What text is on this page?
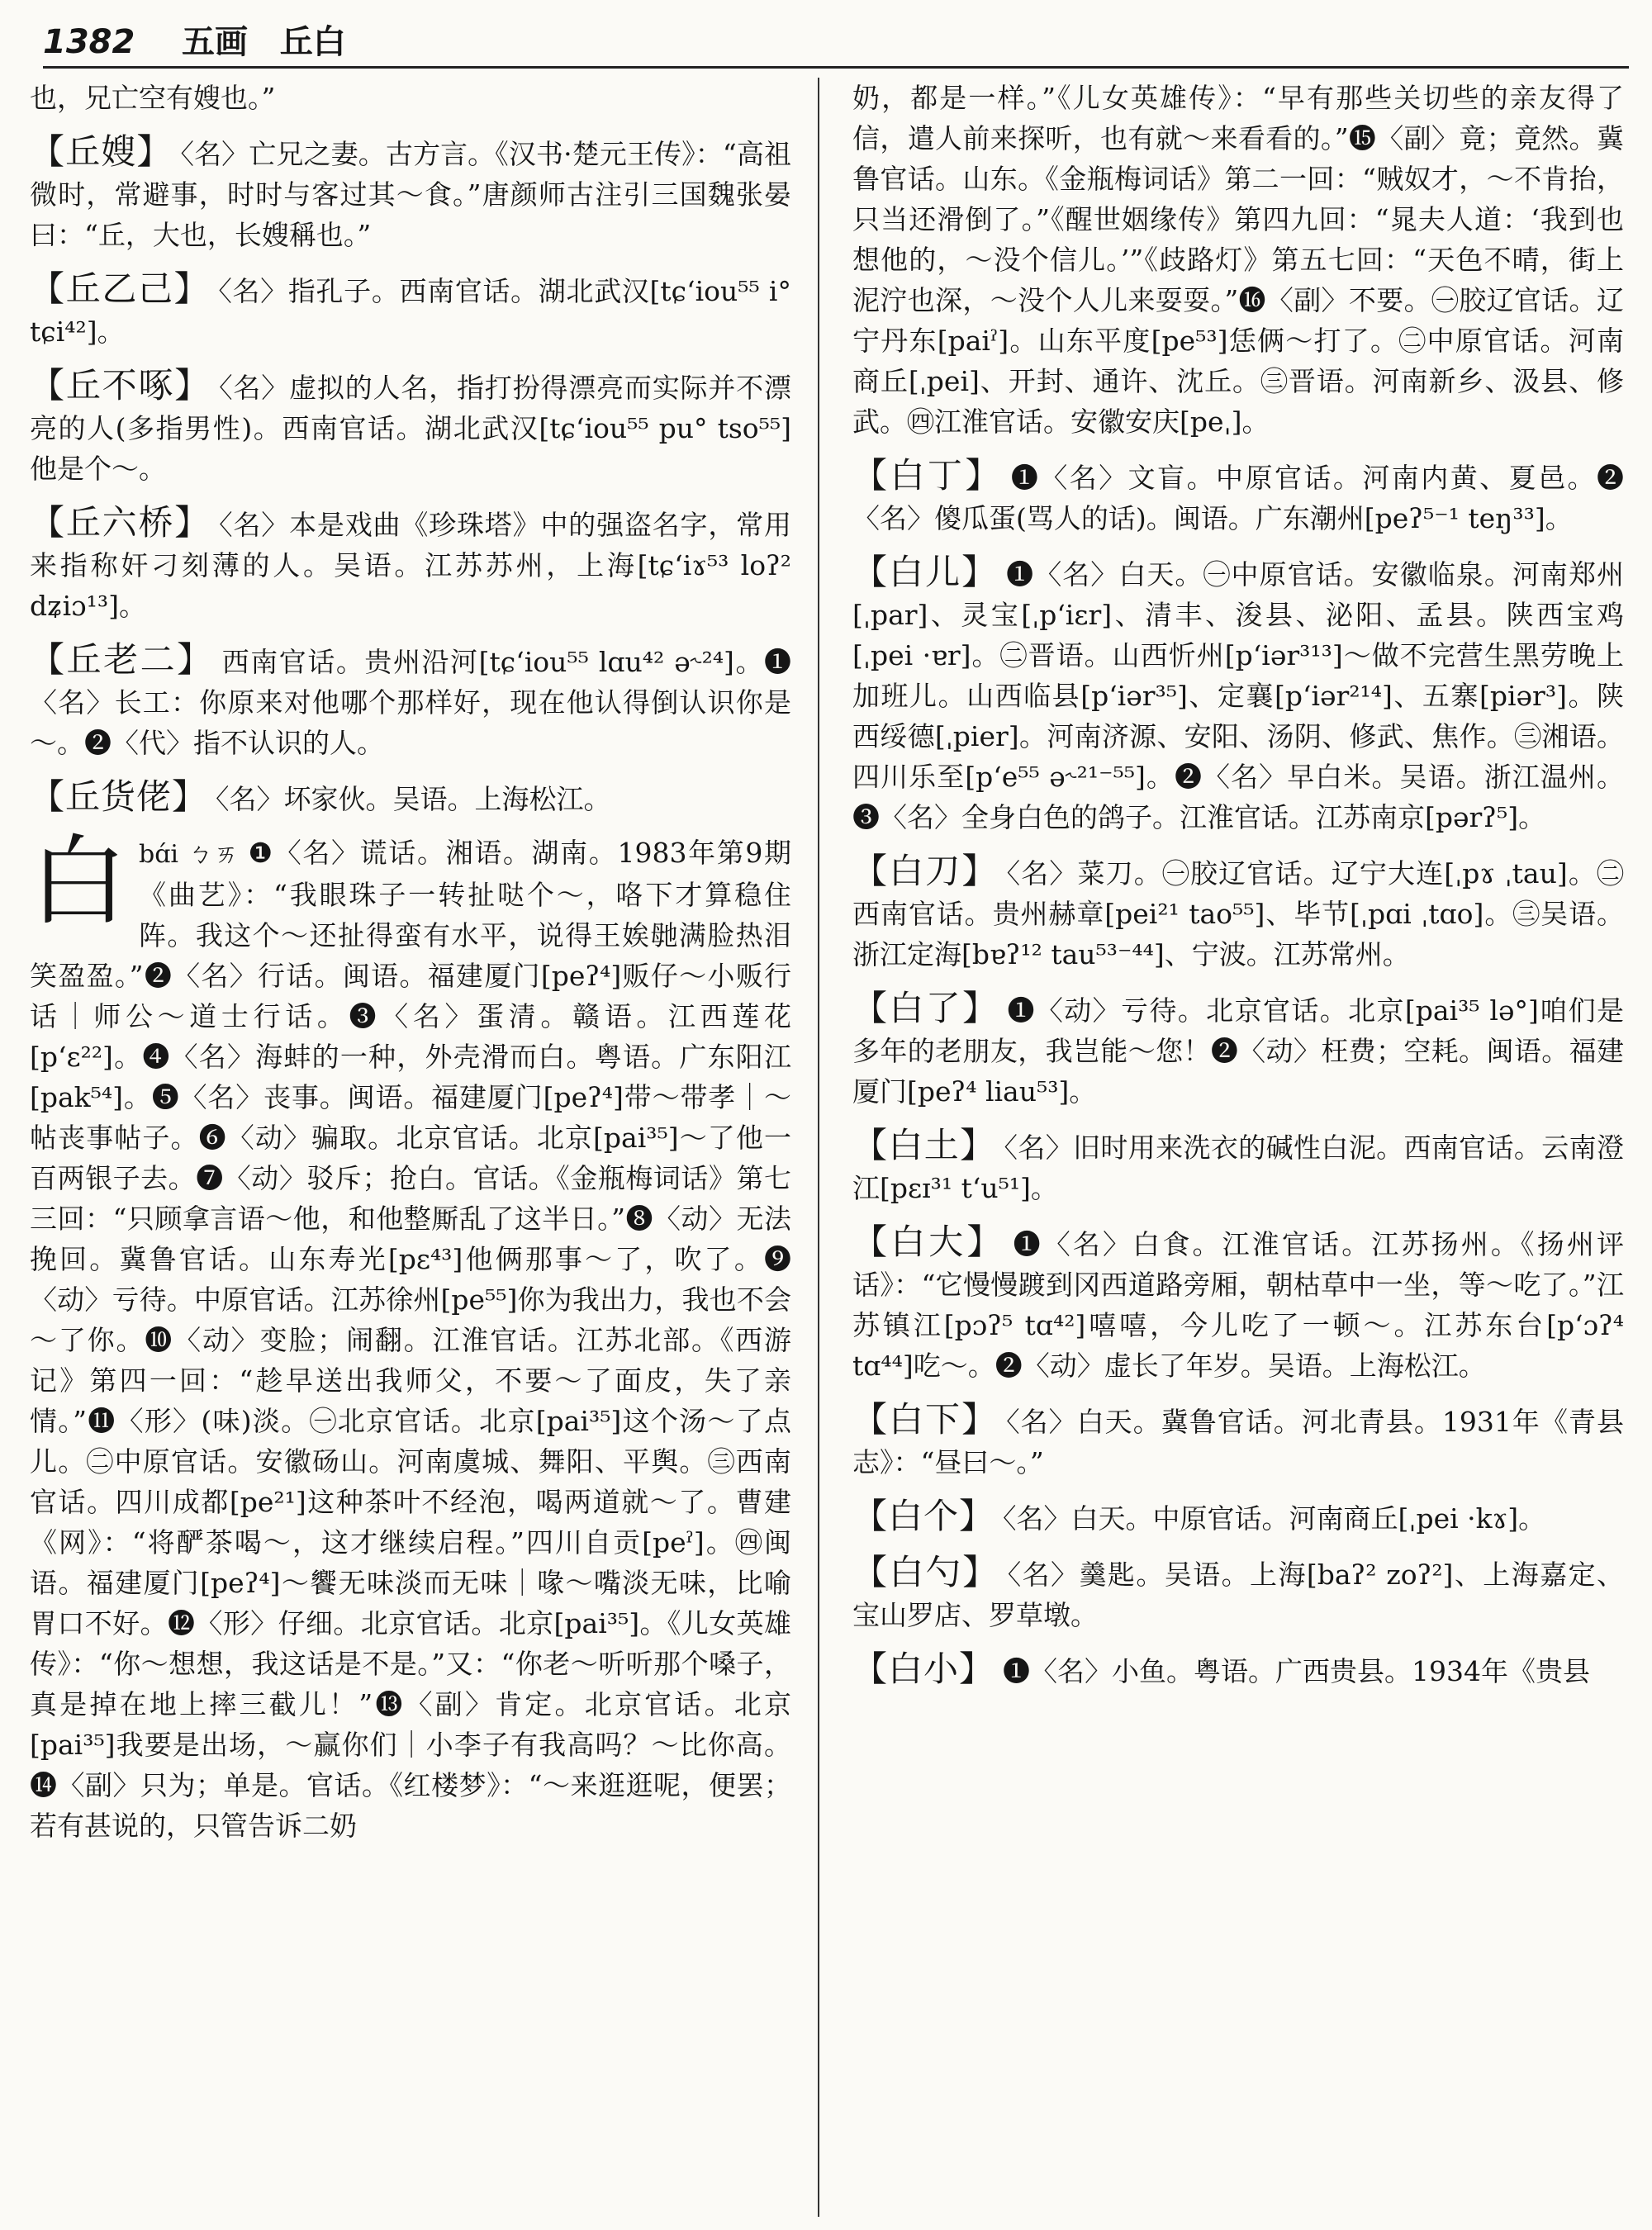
1382 五画 丘白

也，兄亡空有嫂也。”

【丘嫂】 〈名〉亡兄之妻。古方言。《汉书·楚元王传》：“高祖微时，常避事，时时与客过其～食。”唐颜师古注引三国魏张晏曰：“丘，大也，长嫂稱也。”

【丘乙己】 〈名〉指孔子。西南官话。湖北武汉[tɕʻiou⁵⁵ i° tɕi⁴²]。

【丘不啄】 〈名〉虚拟的人名，指打扮得漂亮而实际并不漂亮的人(多指男性)。西南官话。湖北武汉[tɕʻiou⁵⁵ pu° tso⁵⁵]他是个～。

【丘六桥】 〈名〉本是戏曲《珍珠塔》中的强盗名字，常用来指称奸刁刻薄的人。吴语。江苏苏州，上海[tɕʻiɤ⁵³ loʔ² dʑiɔ¹³]。

【丘老二】 西南官话。贵州沿河[tɕʻiou⁵⁵ lɑu⁴² ə˞²⁴]。❶〈名〉长工：你原来对他哪个那样好，现在他认得倒认识你是～。❷〈代〉指不认识的人。

【丘货佬】 〈名〉坏家伙。吴语。上海松江。

白bɑ́i ㄅㄞ ❶〈名〉谎话。湘语。湖南。1983年第9期《曲艺》：“我眼珠子一转扯哒个～，咯下才算稳住阵。我这个～还扯得蛮有水平，说得王娭毑满脸热泪笑盈盈。”❷〈名〉行话。闽语。福建厦门[peʔ⁴]贩仔～小贩行话｜师公～道士行话。❸〈名〉蛋清。赣语。江西莲花[pʻɛ²²]。❹〈名〉海蚌的一种，外壳滑而白。粤语。广东阳江[pak⁵⁴]。❺〈名〉丧事。闽语。福建厦门[peʔ⁴]带～带孝｜～帖丧事帖子。❻〈动〉骗取。北京官话。北京[pai³⁵]～了他一百两银子去。❼〈动〉驳斥；抢白。官话。《金瓶梅词话》第七三回：“只顾拿言语～他，和他整厮乱了这半日。”❽〈动〉无法挽回。冀鲁官话。山东寿光[pɛ⁴³]他俩那事～了，吹了。❾〈动〉亏待。中原官话。江苏徐州[pe⁵⁵]你为我出力，我也不会～了你。❿〈动〉变脸；闹翻。江淮官话。江苏北部。《西游记》第四一回：“趁早送出我师父，不要～了面皮，失了亲情。”⓫〈形〉(味)淡。㊀北京官话。北京[pai³⁵]这个汤～了点儿。㊁中原官话。安徽砀山。河南虞城、舞阳、平舆。㊂西南官话。四川成都[pe²¹]这种茶叶不经泡，喝两道就～了。曹建《网》：“将酽茶喝～，这才继续启程。”四川自贡[peˀ]。㊃闽语。福建厦门[peʔ⁴]～饗无味淡而无味｜喙～嘴淡无味，比喻胃口不好。⓬〈形〉仔细。北京官话。北京[pai³⁵]。《儿女英雄传》：“你～想想，我这话是不是。”又：“你老～听听那个嗓子，真是掉在地上摔三截儿！”⓭〈副〉肯定。北京官话。北京[pai³⁵]我要是出场，～赢你们｜小李子有我高吗？～比你高。⓮〈副〉只为；单是。官话。《红楼梦》：“～来逛逛呢，便罢；若有甚说的，只管告诉二奶

奶，都是一样。”《儿女英雄传》：“早有那些关切些的亲友得了信，遣人前来探听，也有就～来看看的。”⓯〈副〉竟；竟然。冀鲁官话。山东。《金瓶梅词话》第二一回：“贼奴才，～不肯抬，只当还滑倒了。”《醒世姻缘传》第四九回：“晁夫人道：‘我到也想他的，～没个信儿。’”《歧路灯》第五七回：“天色不晴，街上泥泞也深，～没个人儿来耍耍。”⓰〈副〉不要。㊀胶辽官话。辽宁丹东[paiˀ]。山东平度[pe⁵³]恁俩～打了。㊁中原官话。河南商丘[ˌpei]、开封、通许、沈丘。㊂晋语。河南新乡、汲县、修武。㊃江淮官话。安徽安庆[peˌ]。

【白丁】 ❶〈名〉文盲。中原官话。河南内黄、夏邑。❷〈名〉傻瓜蛋(骂人的话)。闽语。广东潮州[peʔ⁵⁻¹ teŋ³³]。

【白儿】 ❶〈名〉白天。㊀中原官话。安徽临泉。河南郑州[ˌpar]、灵宝[ˌpʻiɛr]、清丰、浚县、泌阳、孟县。陕西宝鸡[ˌpei ·ɐr]。㊁晋语。山西忻州[pʻiər³¹³]～做不完营生黑劳晚上加班儿。山西临县[pʻiər³⁵]、定襄[pʻiər²¹⁴]、五寨[piər³]。陕西绥德[ˌpier]。河南济源、安阳、汤阴、修武、焦作。㊂湘语。四川乐至[pʻe⁵⁵ ə˞²¹⁻⁵⁵]。❷〈名〉早白米。吴语。浙江温州。❸〈名〉全身白色的鸽子。江淮官话。江苏南京[pərʔ⁵]。

【白刀】 〈名〉菜刀。㊀胶辽官话。辽宁大连[ˌpɤ ˌtau]。㊁西南官话。贵州赫章[pei²¹ tao⁵⁵]、毕节[ˌpɑi ˌtɑo]。㊂吴语。浙江定海[bɐʔ¹² tau⁵³⁻⁴⁴]、宁波。江苏常州。

【白了】 ❶〈动〉亏待。北京官话。北京[pai³⁵ lə°]咱们是多年的老朋友，我岂能～您！❷〈动〉枉费；空耗。闽语。福建厦门[peʔ⁴ liau⁵³]。

【白土】 〈名〉旧时用来洗衣的碱性白泥。西南官话。云南澄江[pɛɪ³¹ tʻu⁵¹]。

【白大】 ❶〈名〉白食。江淮官话。江苏扬州。《扬州评话》：“它慢慢踱到冈西道路旁厢，朝枯草中一坐，等～吃了。”江苏镇江[pɔʔ⁵ tɑ⁴²]嘻嘻，今儿吃了一顿～。江苏东台[pʻɔʔ⁴ tɑ⁴⁴]吃～。❷〈动〉虚长了年岁。吴语。上海松江。

【白下】 〈名〉白天。冀鲁官话。河北青县。1931年《青县志》：“昼曰～。”

【白个】 〈名〉白天。中原官话。河南商丘[ˌpei ·kɤ]。

【白勺】 〈名〉羹匙。吴语。上海[baʔ² zoʔ²]、上海嘉定、宝山罗店、罗草墩。

【白小】 ❶〈名〉小鱼。粤语。广西贵县。1934年《贵县
